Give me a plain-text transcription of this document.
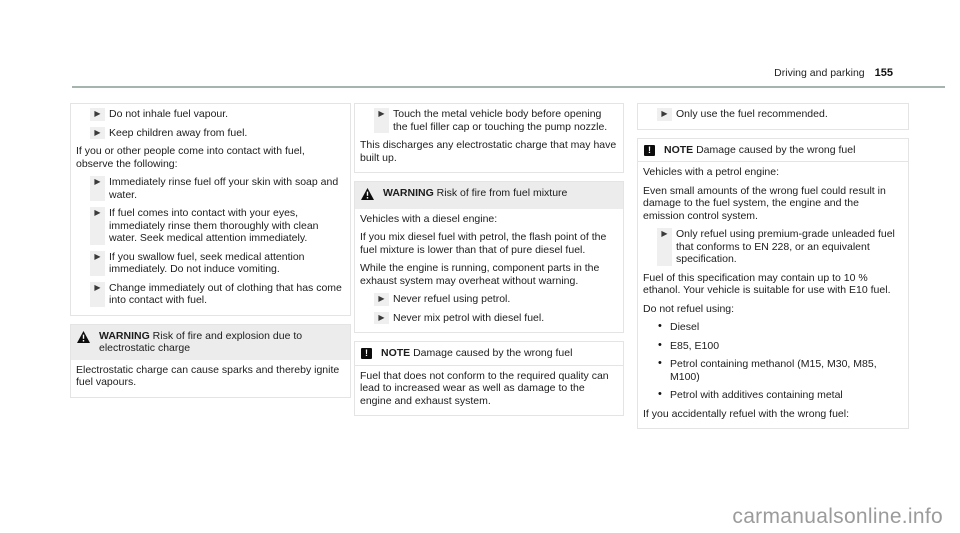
Driving and parking 155
▶ Do not inhale fuel vapour.
▶ Keep children away from fuel.

If you or other people come into contact with fuel, observe the following:

▶ Immediately rinse fuel off your skin with soap and water.
▶ If fuel comes into contact with your eyes, immediately rinse them thoroughly with clean water. Seek medical attention immediately.
▶ If you swallow fuel, seek medical attention immediately. Do not induce vomiting.
▶ Change immediately out of clothing that has come into contact with fuel.
WARNING Risk of fire and explosion due to electrostatic charge

Electrostatic charge can cause sparks and thereby ignite fuel vapours.

▶ Touch the metal vehicle body before opening the fuel filler cap or touching the pump nozzle.

This discharges any electrostatic charge that may have built up.

WARNING Risk of fire from fuel mixture

Vehicles with a diesel engine:

If you mix diesel fuel with petrol, the flash point of the fuel mixture is lower than that of pure diesel fuel.

While the engine is running, component parts in the exhaust system may overheat without warning.

▶ Never refuel using petrol.
▶ Never mix petrol with diesel fuel.
!	NOTE Damage caused by the wrong fuel

Fuel that does not conform to the required quality can lead to increased wear as well as damage to the engine and exhaust system.

▶ Only use the fuel recommended.
!	NOTE Damage caused by the wrong fuel

Vehicles with a petrol engine:

Even small amounts of the wrong fuel could result in damage to the fuel system, the engine and the emission control system.

▶ Only refuel using premium-grade unleaded fuel that conforms to EN 228, or an equivalent specification.

Fuel of this specification may contain up to 10 % ethanol. Your vehicle is suitable for use with E10 fuel.

Do not refuel using:

• Diesel
• E85, E100
• Petrol containing methanol (M15, M30, M85, M100)
• Petrol with additives containing metal

If you accidentally refuel with the wrong fuel:

carmanualsonline.info
